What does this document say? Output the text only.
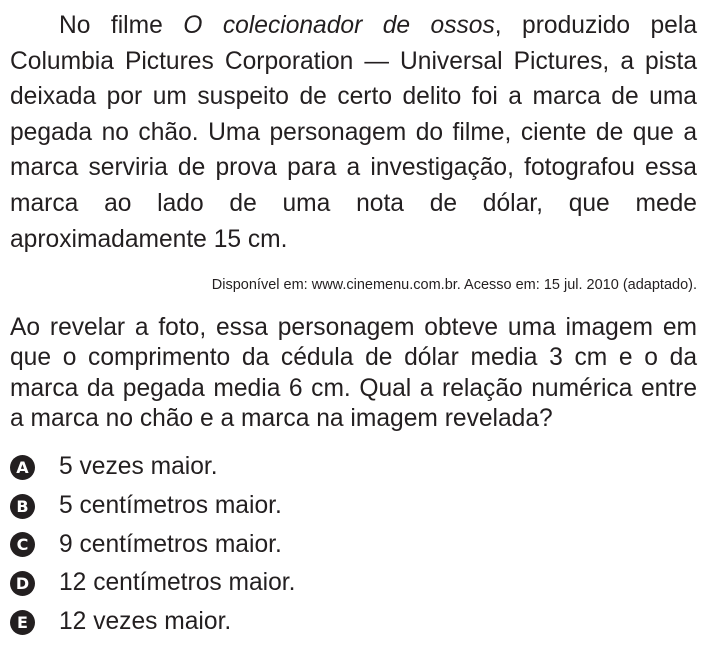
No filme O colecionador de ossos, produzido pela Columbia Pictures Corporation — Universal Pictures, a pista deixada por um suspeito de certo delito foi a marca de uma pegada no chão. Uma personagem do filme, ciente de que a marca serviria de prova para a investigação, fotografou essa marca ao lado de uma nota de dólar, que mede aproximadamente 15 cm.

Disponível em: www.cinemenu.com.br. Acesso em: 15 jul. 2010 (adaptado).

Ao revelar a foto, essa personagem obteve uma imagem em que o comprimento da cédula de dólar media 3 cm e o da marca da pegada media 6 cm. Qual a relação numérica entre a marca no chão e a marca na imagem revelada?

A 5 vezes maior.
B 5 centímetros maior.
C 9 centímetros maior.
D 12 centímetros maior.
E 12 vezes maior.
